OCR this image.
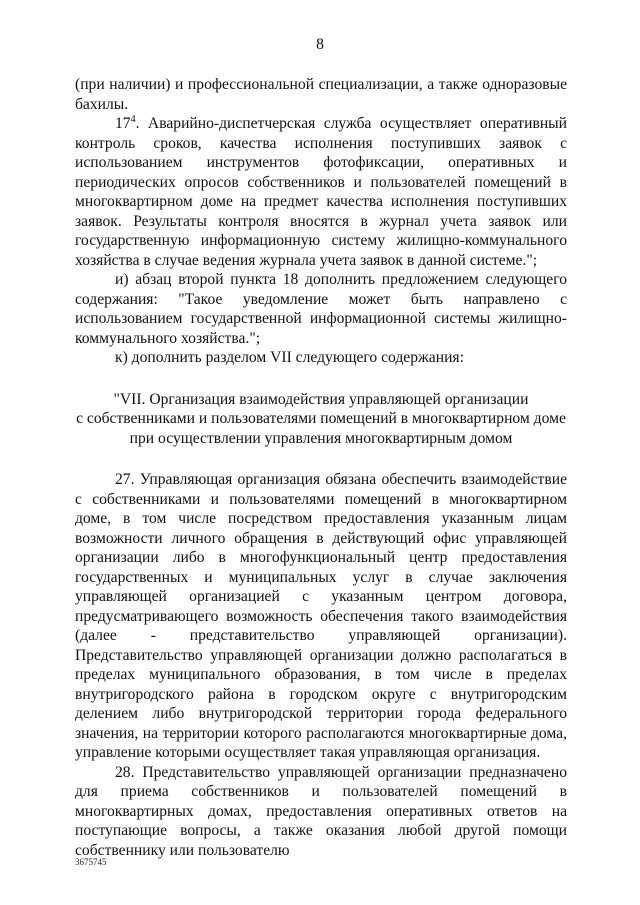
8

(при наличии) и профессиональной специализации, а также одноразовые бахилы.

$17^4$. Аварийно-диспетчерская служба осуществляет оперативный контроль сроков, качества исполнения поступивших заявок с использованием инструментов фотофиксации, оперативных и периодических опросов собственников и пользователей помещений в многоквартирном доме на предмет качества исполнения поступивших заявок. Результаты контроля вносятся в журнал учета заявок или государственную информационную систему жилищно-коммунального хозяйства в случае ведения журнала учета заявок в данной системе.";

и) абзац второй пункта 18 дополнить предложением следующего содержания: "Такое уведомление может быть направлено с использованием государственной информационной системы жилищно-коммунального хозяйства.";

к) дополнить разделом VII следующего содержания:

"VII. Организация взаимодействия управляющей организации
с собственниками и пользователями помещений в многоквартирном доме
при осуществлении управления многоквартирным домом

27. Управляющая организация обязана обеспечить взаимодействие с собственниками и пользователями помещений в многоквартирном доме, в том числе посредством предоставления указанным лицам возможности личного обращения в действующий офис управляющей организации либо в многофункциональный центр предоставления государственных и муниципальных услуг в случае заключения управляющей организацией с указанным центром договора, предусматривающего возможность обеспечения такого взаимодействия (далее - представительство управляющей организации). Представительство управляющей организации должно располагаться в пределах муниципального образования, в том числе в пределах внутригородского района в городском округе с внутригородским делением либо внутригородской территории города федерального значения, на территории которого располагаются многоквартирные дома, управление которыми осуществляет такая управляющая организация.

28. Представительство управляющей организации предназначено для приема собственников и пользователей помещений в многоквартирных домах, предоставления оперативных ответов на поступающие вопросы, а также оказания любой другой помощи собственнику или пользователю

3675745
